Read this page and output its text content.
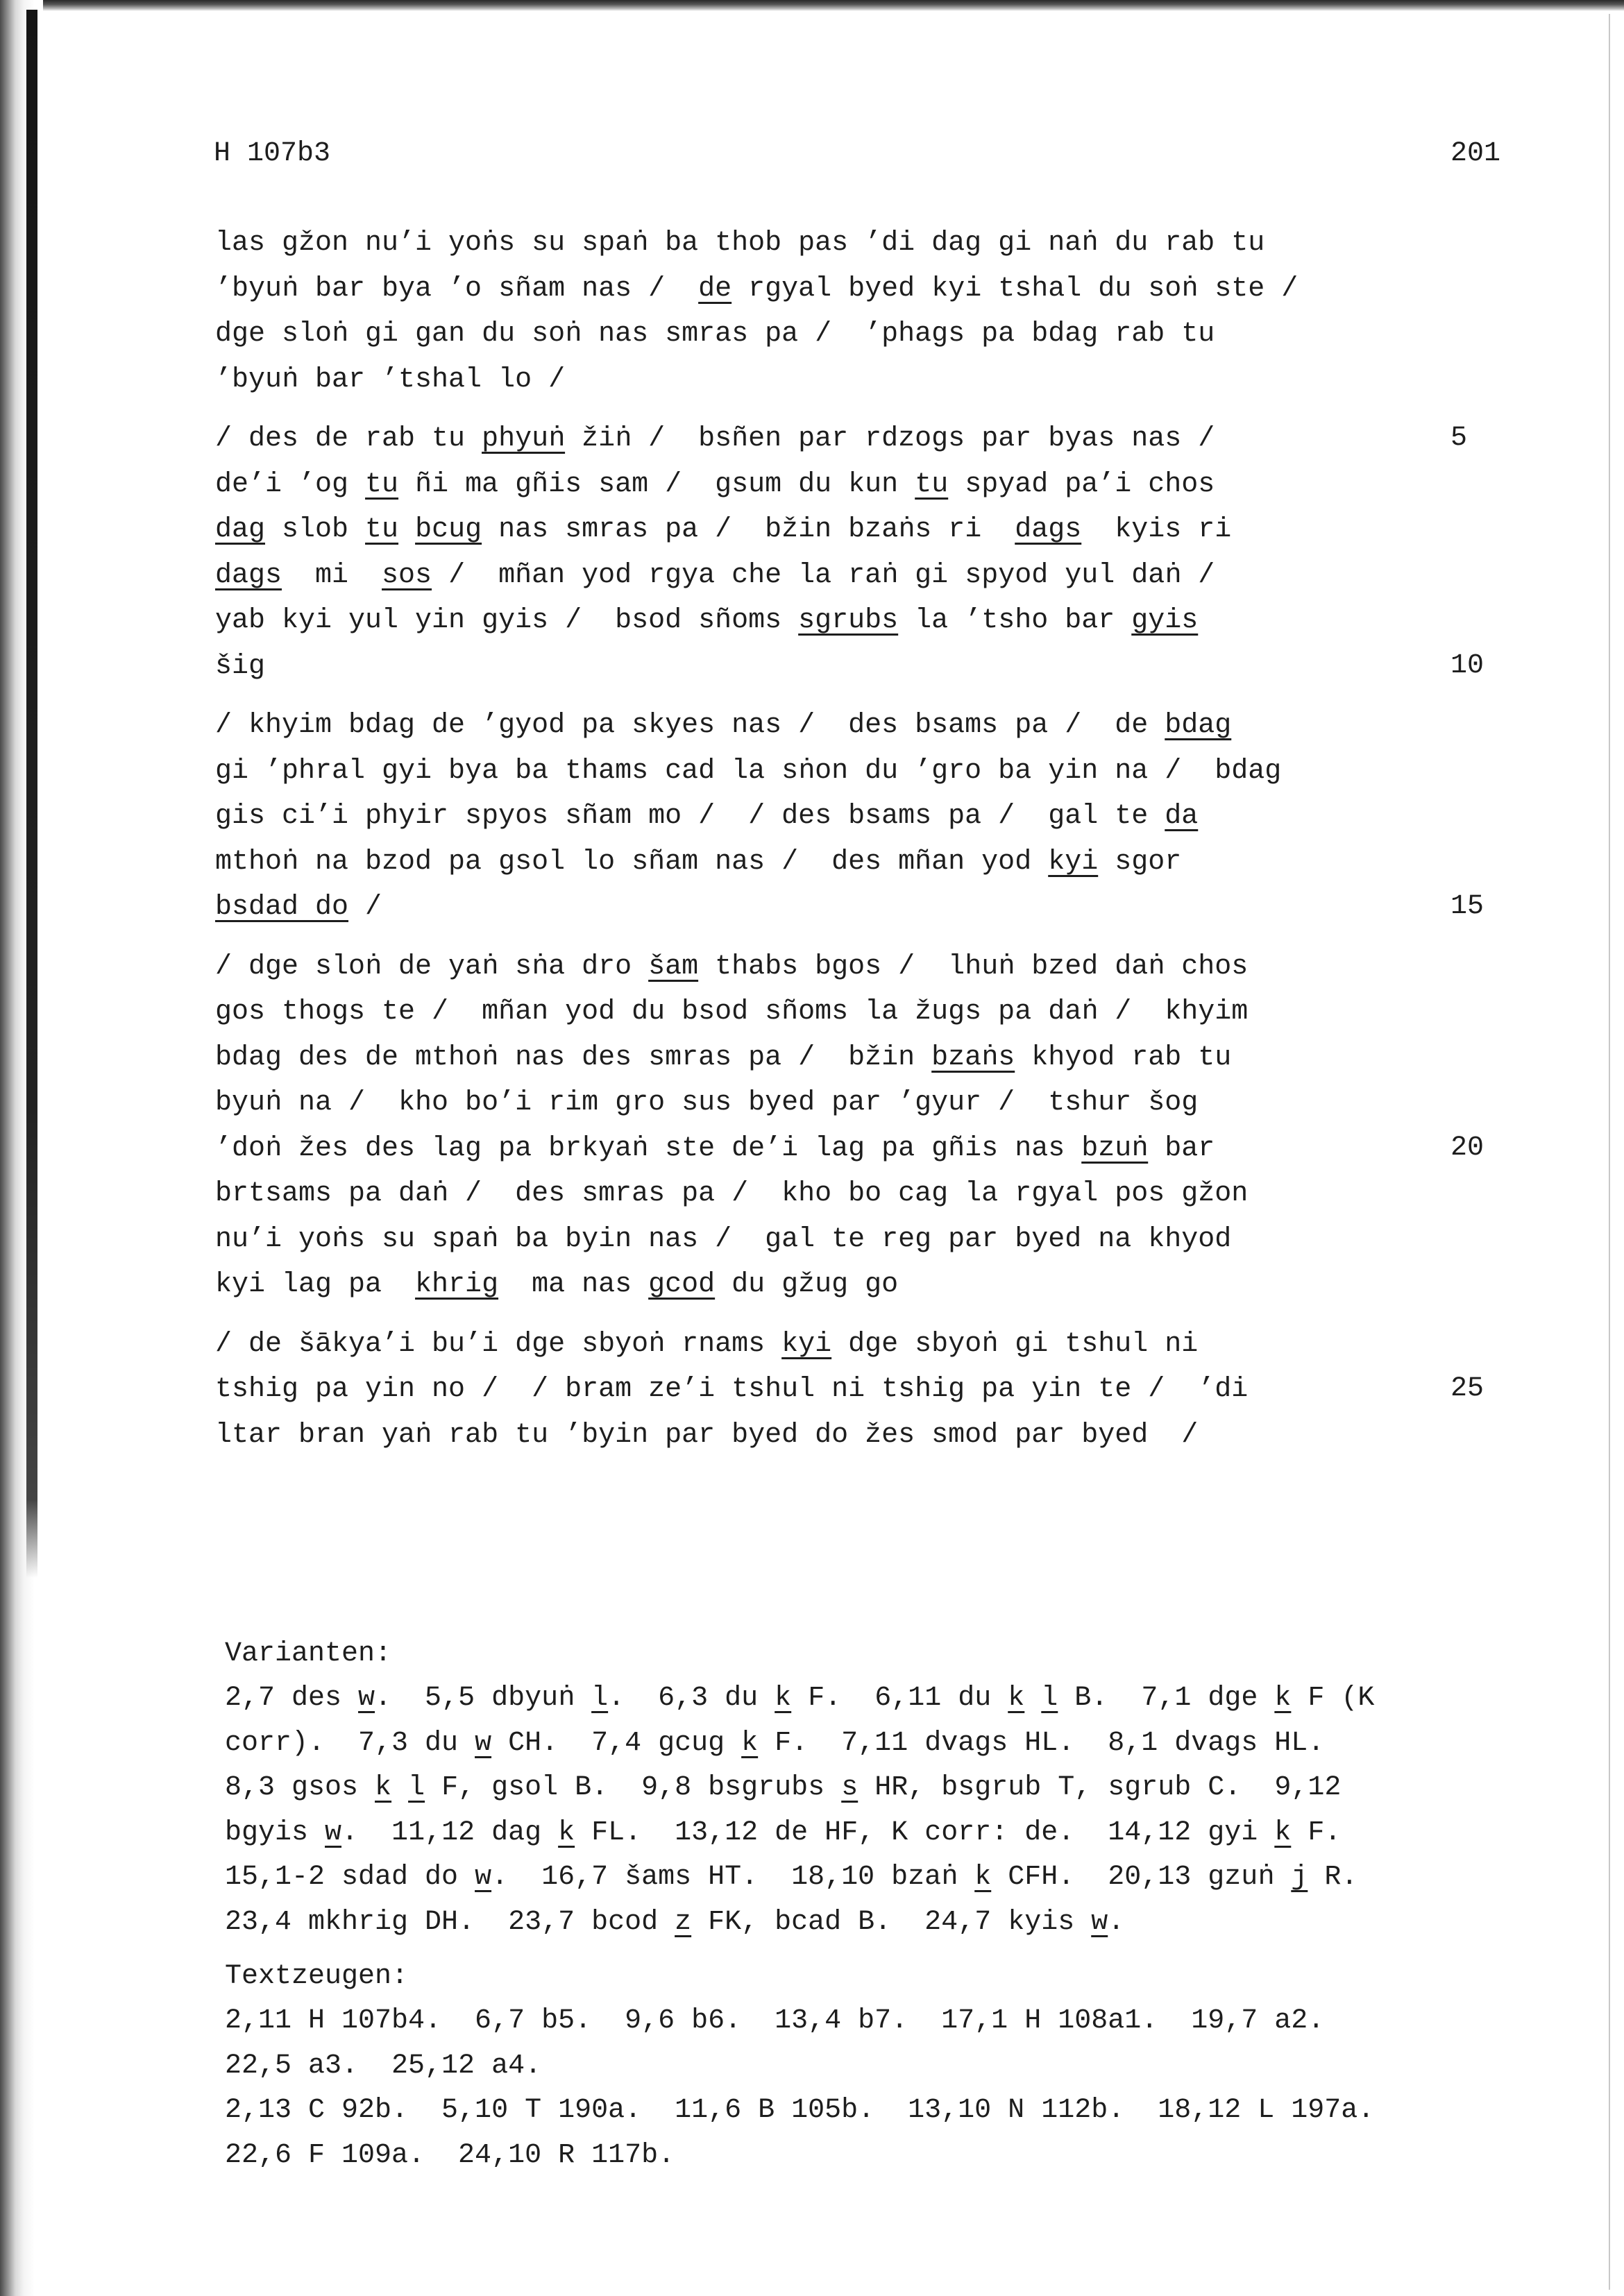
H 107b3	201
las gžon nu’i yoṅs su spaṅ ba thob pas ’di dag gi naṅ du rab tu
’byuṅ bar bya ’o sñam nas /  de rgyal byed kyi tshal du soṅ ste /
dge sloṅ gi gan du soṅ nas smras pa /  ’phags pa bdag rab tu
’byuṅ bar ’tshal lo /
/ des de rab tu phyuṅ žiṅ /  bsñen par rdzogs par byas nas /
de’i ’og tu ñi ma gñis sam /  gsum du kun tu spyad pa’i chos
dag slob tu bcug nas smras pa /  bžin bzaṅs ri  dags  kyis ri
dags  mi  sos /  mñan yod rgya che la raṅ gi spyod yul daṅ /
yab kyi yul yin gyis /  bsod sñoms sgrubs la ’tsho bar gyis
šig
/ khyim bdag de ’gyod pa skyes nas /  des bsams pa /  de bdag
gi ’phral gyi bya ba thams cad la sṅon du ’gro ba yin na /  bdag
gis ci’i phyir spyos sñam mo /  / des bsams pa /  gal te da
mthoṅ na bzod pa gsol lo sñam nas /  des mñan yod kyi sgor
bsdad do /
/ dge sloṅ de yaṅ sṅa dro šam thabs bgos /  lhuṅ bzed daṅ chos
gos thogs te /  mñan yod du bsod sñoms la žugs pa daṅ /  khyim
bdag des de mthoṅ nas des smras pa /  bžin bzaṅs khyod rab tu
byuṅ na /  kho bo’i rim gro sus byed par ’gyur /  tshur šog
’doṅ žes des lag pa brkyaṅ ste de’i lag pa gñis nas bzuṅ bar
brtsams pa daṅ /  des smras pa /  kho bo cag la rgyal pos gžon
nu’i yoṅs su spaṅ ba byin nas /  gal te reg par byed na khyod
kyi lag pa  khrig  ma nas gcod du gžug go
/ de šākya’i bu’i dge sbyoṅ rnams kyi dge sbyoṅ gi tshul ni
tshig pa yin no /  / bram ze’i tshul ni tshig pa yin te /  ’di
ltar bran yaṅ rab tu ’byin par byed do žes smod par byed  /
5
10
15
20
25
Varianten:
2,7 des w.  5,5 dbyuṅ l.  6,3 du k F.  6,11 du k l B.  7,1 dge k F (K
corr).  7,3 du w CH.  7,4 gcug k F.  7,11 dvags HL.  8,1 dvags HL.
8,3 gsos k l F, gsol B.  9,8 bsgrubs s HR, bsgrub T, sgrub C.  9,12
bgyis w.  11,12 dag k FL.  13,12 de HF, K corr: de.  14,12 gyi k F.
15,1-2 sdad do w.  16,7 šams HT.  18,10 bzaṅ k CFH.  20,13 gzuṅ j R.
23,4 mkhrig DH.  23,7 bcod z FK, bcad B.  24,7 kyis w.
Textzeugen:
2,11 H 107b4.  6,7 b5.  9,6 b6.  13,4 b7.  17,1 H 108a1.  19,7 a2.
22,5 a3.  25,12 a4.
2,13 C 92b.  5,10 T 190a.  11,6 B 105b.  13,10 N 112b.  18,12 L 197a.
22,6 F 109a.  24,10 R 117b.
